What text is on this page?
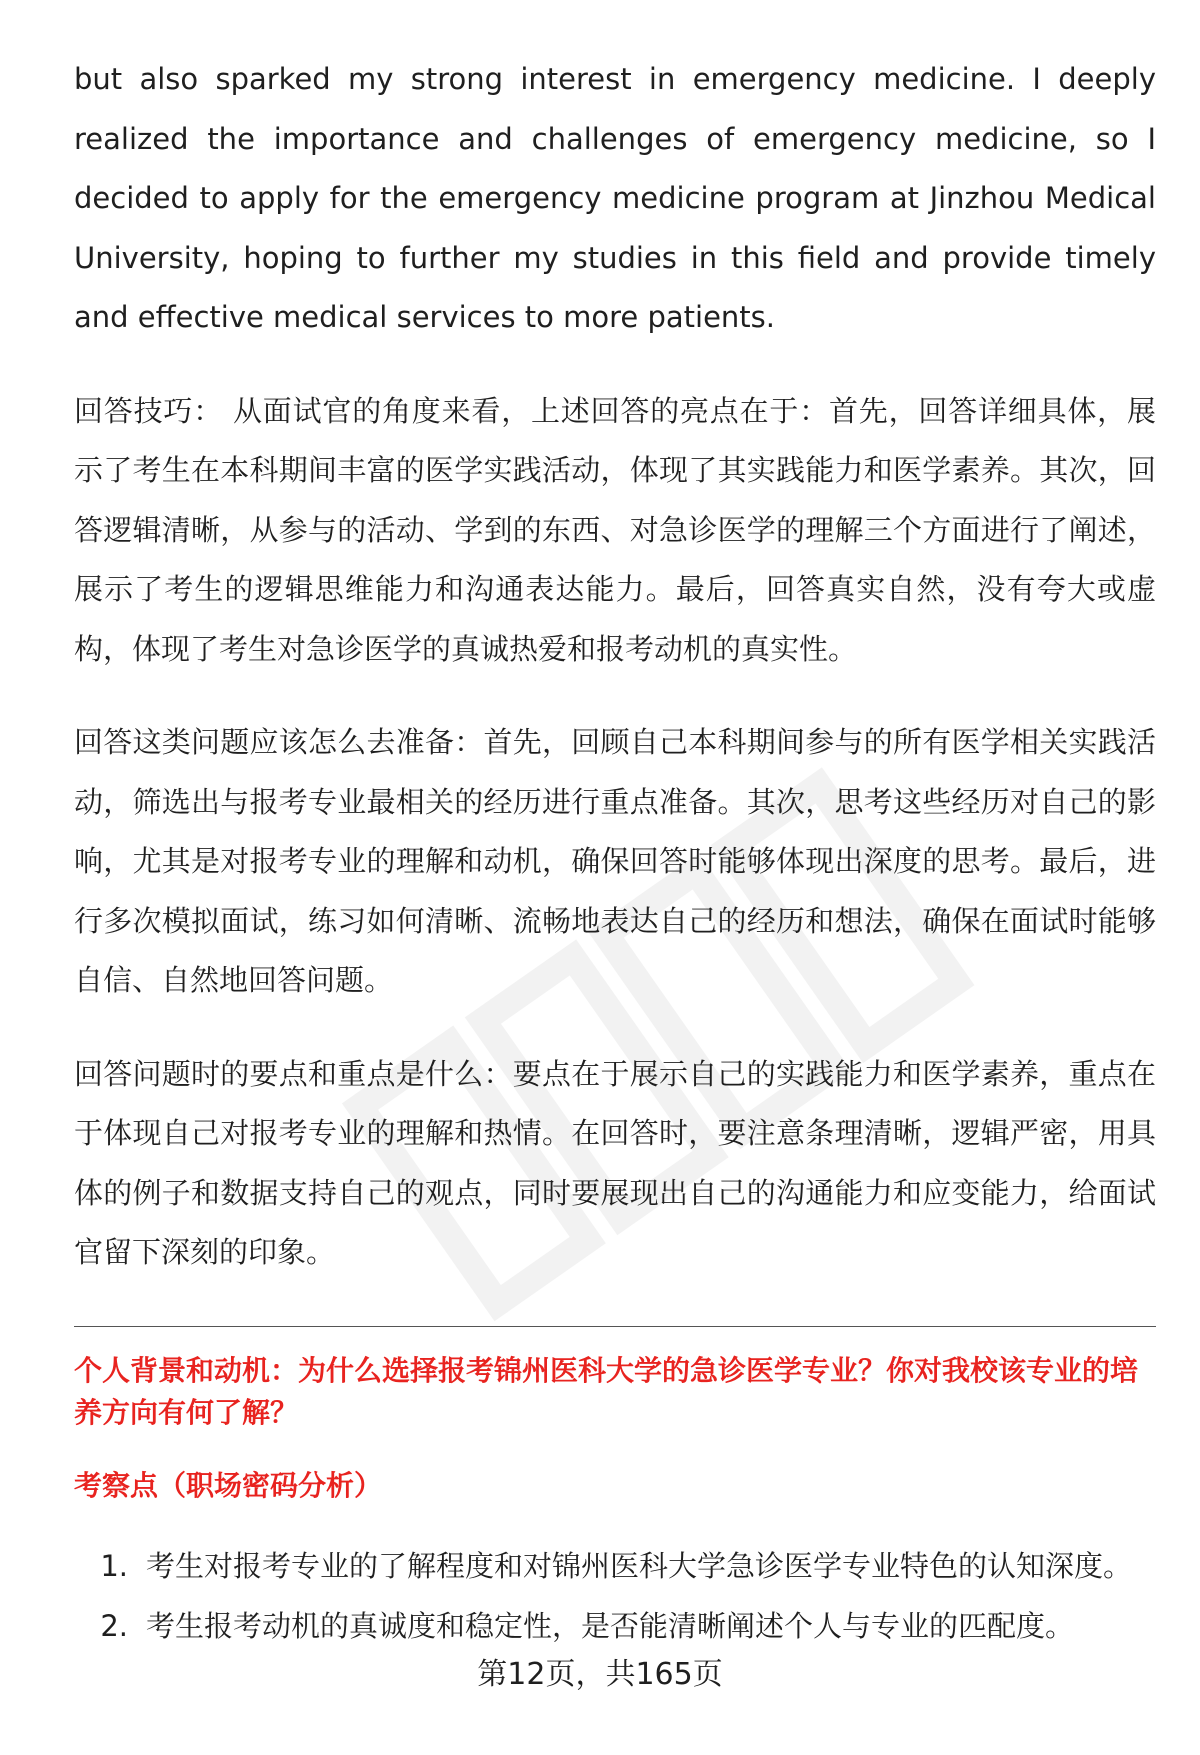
but also sparked my strong interest in emergency medicine. I deeply realized the importance and challenges of emergency medicine, so I decided to apply for the emergency medicine program at Jinzhou Medical University, hoping to further my studies in this field and provide timely and effective medical services to more patients.

回答技巧： 从面试官的角度来看，上述回答的亮点在于：首先，回答详细具体，展示了考生在本科期间丰富的医学实践活动，体现了其实践能力和医学素养。其次，回答逻辑清晰，从参与的活动、学到的东西、对急诊医学的理解三个方面进行了阐述，展示了考生的逻辑思维能力和沟通表达能力。最后，回答真实自然，没有夸大或虚构，体现了考生对急诊医学的真诚热爱和报考动机的真实性。

回答这类问题应该怎么去准备：首先，回顾自己本科期间参与的所有医学相关实践活动，筛选出与报考专业最相关的经历进行重点准备。其次，思考这些经历对自己的影响，尤其是对报考专业的理解和动机，确保回答时能够体现出深度的思考。最后，进行多次模拟面试，练习如何清晰、流畅地表达自己的经历和想法，确保在面试时能够自信、自然地回答问题。

回答问题时的要点和重点是什么：要点在于展示自己的实践能力和医学素养，重点在于体现自己对报考专业的理解和热情。在回答时，要注意条理清晰，逻辑严密，用具体的例子和数据支持自己的观点，同时要展现出自己的沟通能力和应变能力，给面试官留下深刻的印象。

个人背景和动机：为什么选择报考锦州医科大学的急诊医学专业？你对我校该专业的培养方向有何了解？

考察点（职场密码分析）

1. 考生对报考专业的了解程度和对锦州医科大学急诊医学专业特色的认知深度。
2. 考生报考动机的真诚度和稳定性，是否能清晰阐述个人与专业的匹配度。
第12页，共165页
